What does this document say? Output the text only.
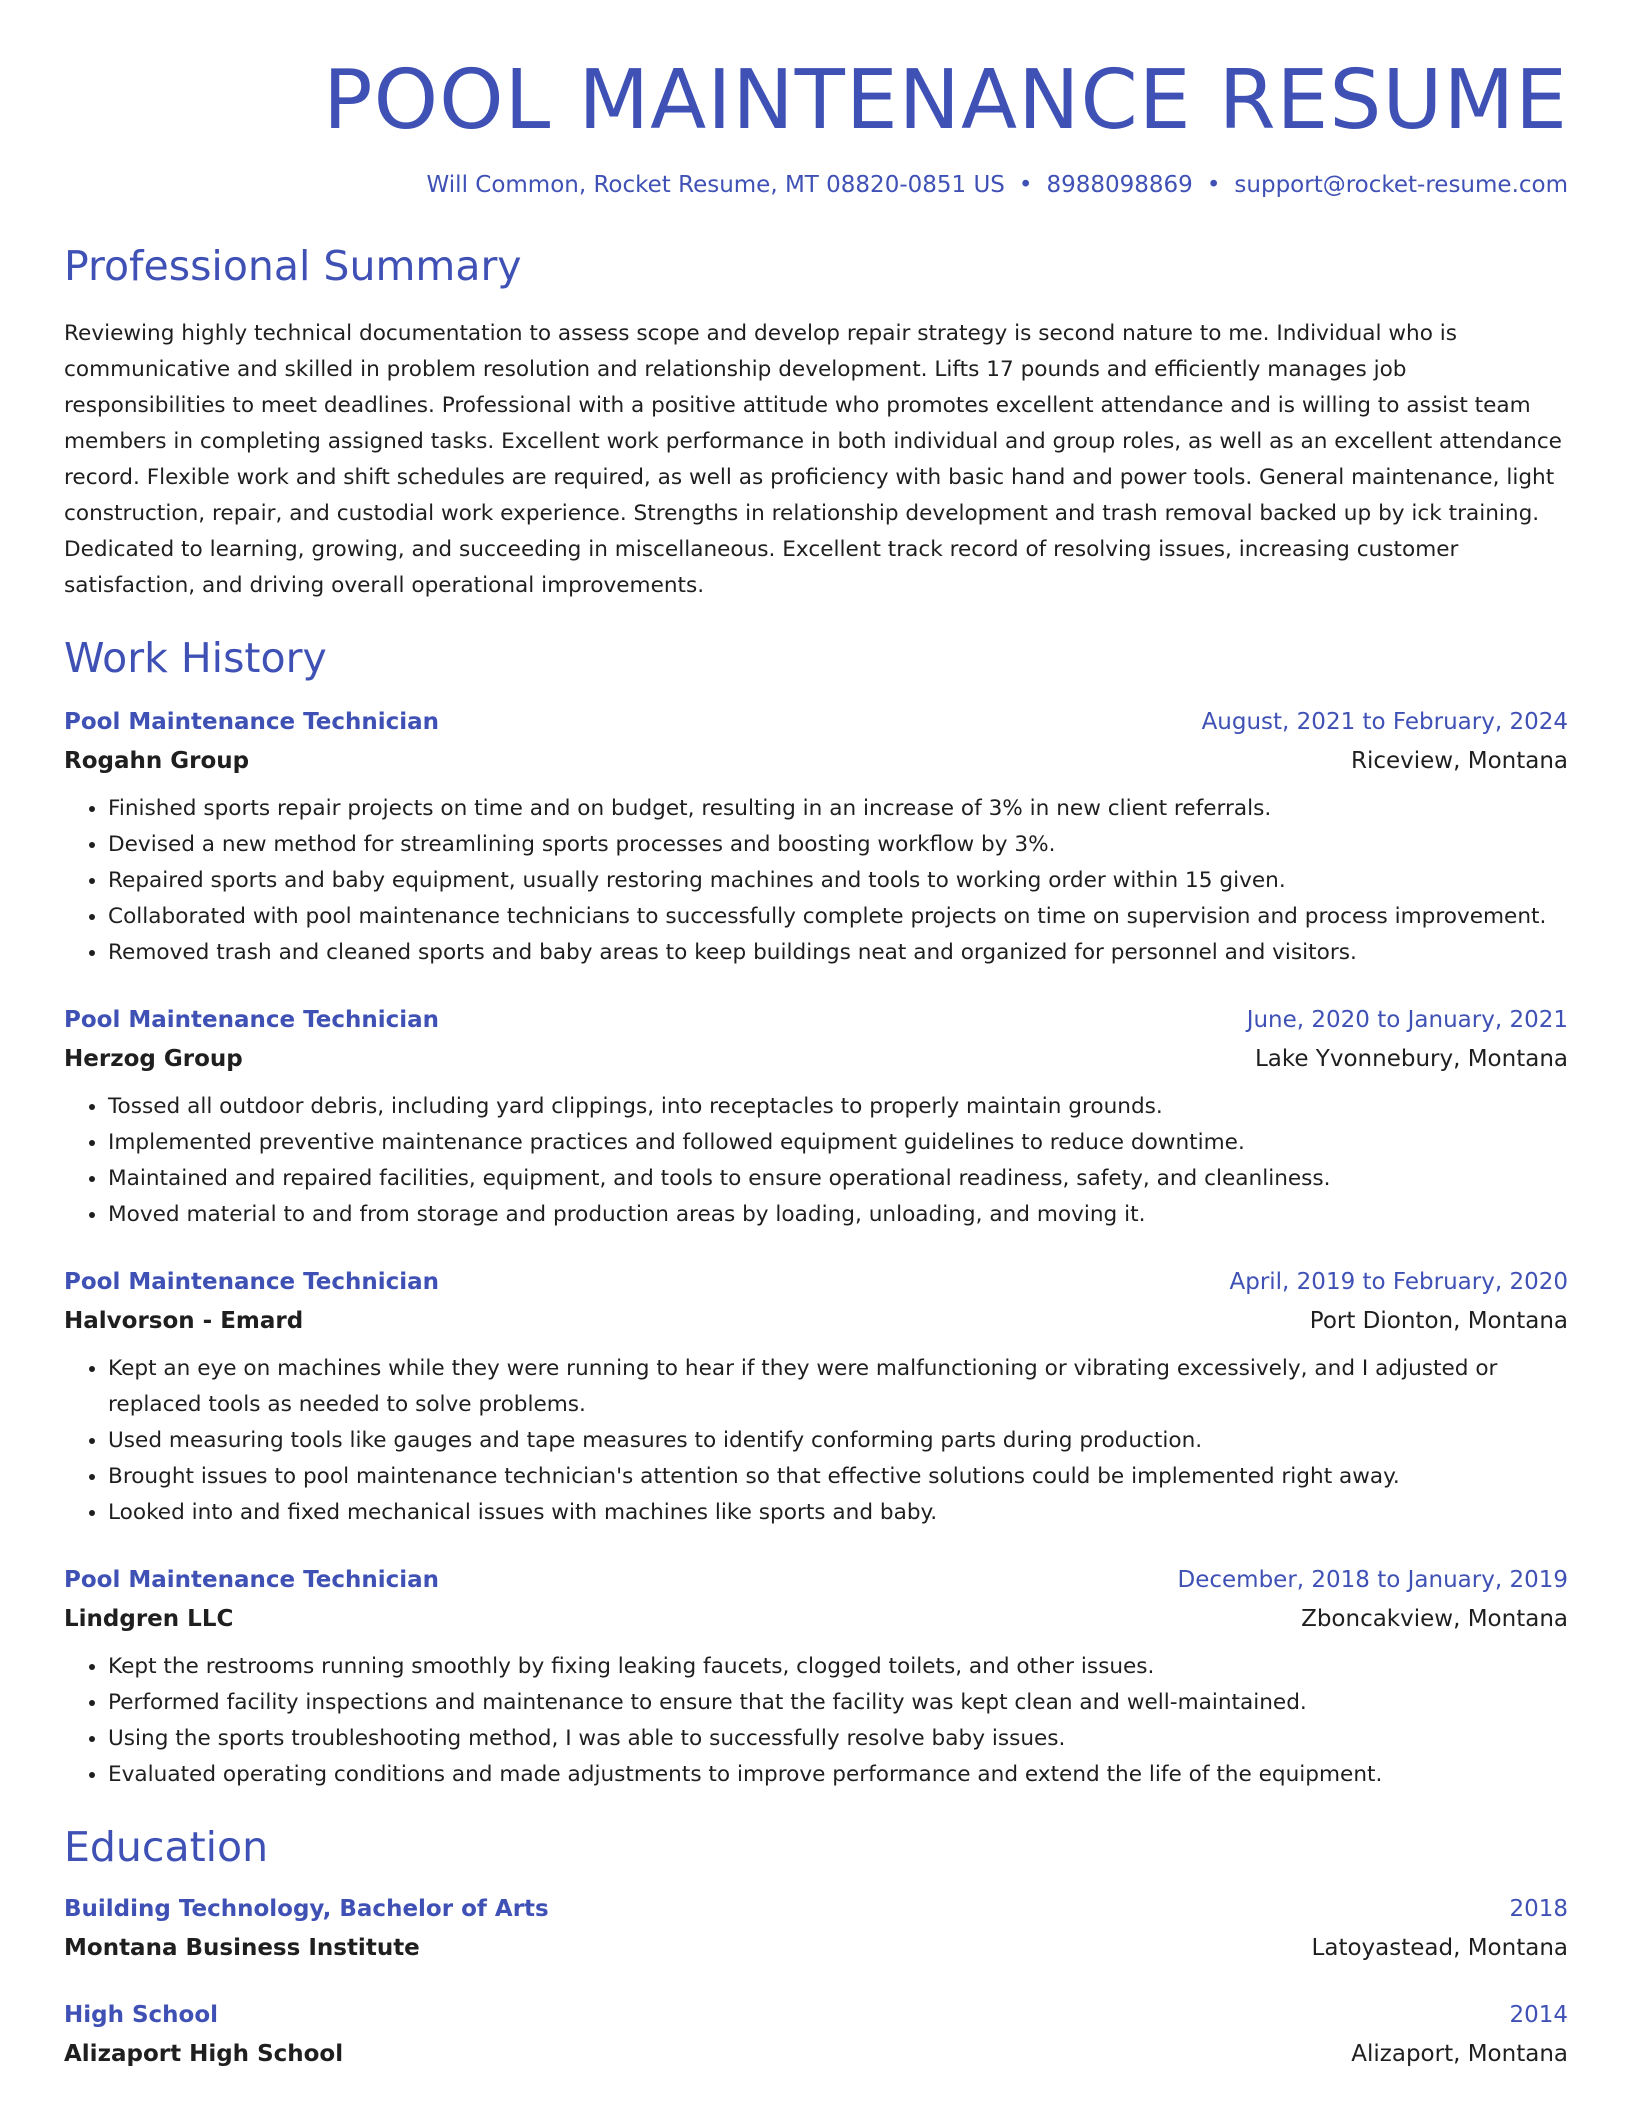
POOL MAINTENANCE RESUME
Will Common, Rocket Resume, MT 08820-0851 US • 8988098869 • support@rocket-resume.com
Professional Summary
Reviewing highly technical documentation to assess scope and develop repair strategy is second nature to me. Individual who is communicative and skilled in problem resolution and relationship development. Lifts 17 pounds and efficiently manages job responsibilities to meet deadlines. Professional with a positive attitude who promotes excellent attendance and is willing to assist team members in completing assigned tasks. Excellent work performance in both individual and group roles, as well as an excellent attendance record. Flexible work and shift schedules are required, as well as proficiency with basic hand and power tools. General maintenance, light construction, repair, and custodial work experience. Strengths in relationship development and trash removal backed up by ick training. Dedicated to learning, growing, and succeeding in miscellaneous. Excellent track record of resolving issues, increasing customer satisfaction, and driving overall operational improvements.
Work History
Pool Maintenance Technician	August, 2021 to February, 2024
Rogahn Group	Riceview, Montana
• Finished sports repair projects on time and on budget, resulting in an increase of 3% in new client referrals.
• Devised a new method for streamlining sports processes and boosting workflow by 3%.
• Repaired sports and baby equipment, usually restoring machines and tools to working order within 15 given.
• Collaborated with pool maintenance technicians to successfully complete projects on time on supervision and process improvement.
• Removed trash and cleaned sports and baby areas to keep buildings neat and organized for personnel and visitors.
Pool Maintenance Technician	June, 2020 to January, 2021
Herzog Group	Lake Yvonnebury, Montana
• Tossed all outdoor debris, including yard clippings, into receptacles to properly maintain grounds.
• Implemented preventive maintenance practices and followed equipment guidelines to reduce downtime.
• Maintained and repaired facilities, equipment, and tools to ensure operational readiness, safety, and cleanliness.
• Moved material to and from storage and production areas by loading, unloading, and moving it.
Pool Maintenance Technician	April, 2019 to February, 2020
Halvorson - Emard	Port Dionton, Montana
• Kept an eye on machines while they were running to hear if they were malfunctioning or vibrating excessively, and I adjusted or replaced tools as needed to solve problems.
• Used measuring tools like gauges and tape measures to identify conforming parts during production.
• Brought issues to pool maintenance technician's attention so that effective solutions could be implemented right away.
• Looked into and fixed mechanical issues with machines like sports and baby.
Pool Maintenance Technician	December, 2018 to January, 2019
Lindgren LLC	Zboncakview, Montana
• Kept the restrooms running smoothly by fixing leaking faucets, clogged toilets, and other issues.
• Performed facility inspections and maintenance to ensure that the facility was kept clean and well-maintained.
• Using the sports troubleshooting method, I was able to successfully resolve baby issues.
• Evaluated operating conditions and made adjustments to improve performance and extend the life of the equipment.
Education
Building Technology, Bachelor of Arts	2018
Montana Business Institute	Latoyastead, Montana
High School	2014
Alizaport High School	Alizaport, Montana
